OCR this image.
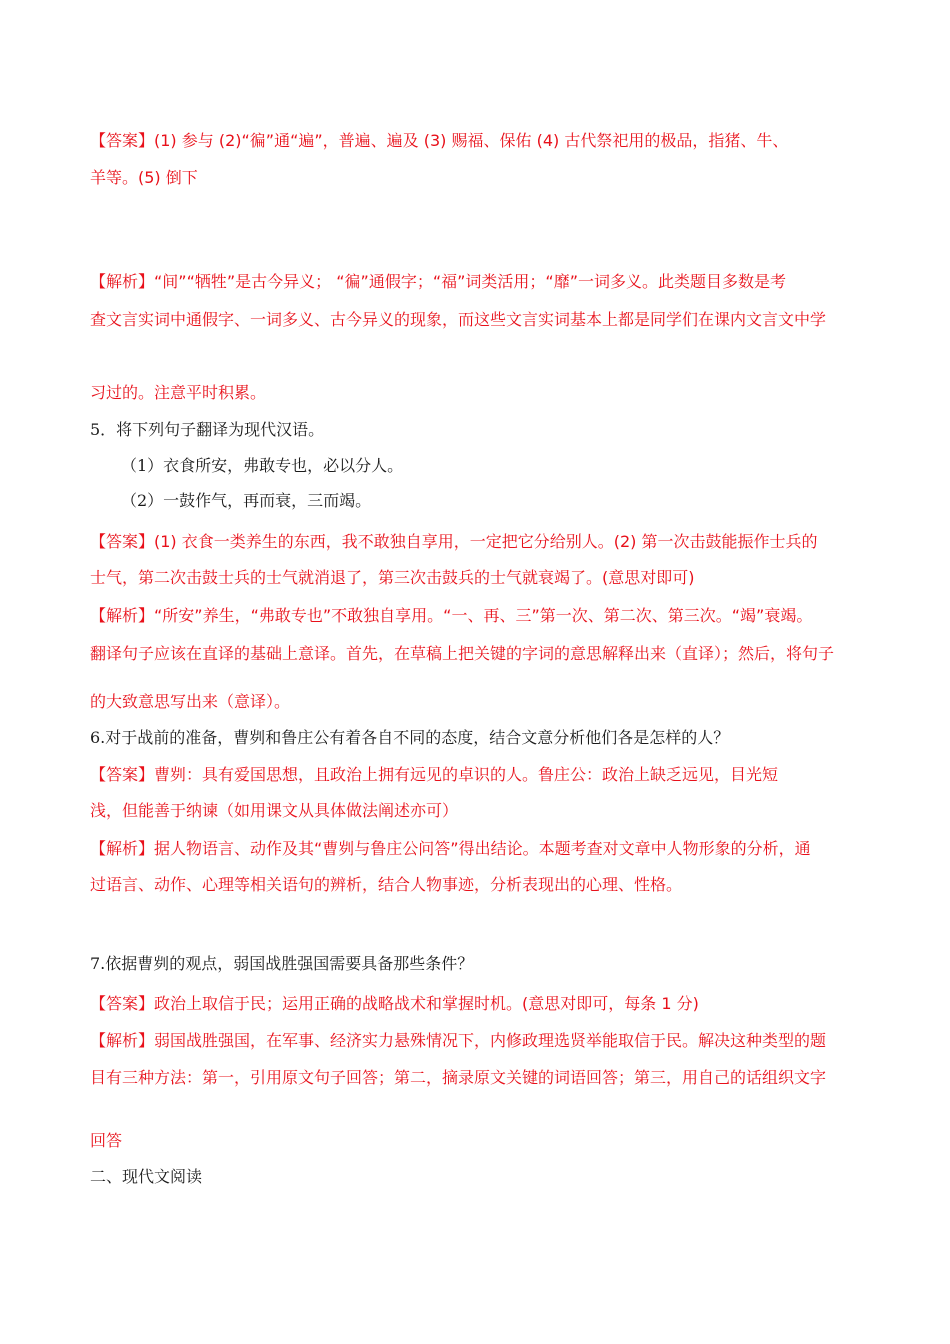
【答案】(1) 参与 (2)“徧”通“遍”，普遍、遍及 (3) 赐福、保佑 (4) 古代祭祀用的极品，指猪、牛、
羊等。(5) 倒下
【解析】“间”“牺牲”是古今异义； “徧”通假字；“福”词类活用；“靡”一词多义。此类题目多数是考
查文言实词中通假字、一词多义、古今异义的现象，而这些文言实词基本上都是同学们在课内文言文中学
习过的。注意平时积累。
5．将下列句子翻译为现代汉语。
（1）衣食所安，弗敢专也，必以分人。
（2）一鼓作气，再而衰，三而竭。
【答案】(1) 衣食一类养生的东西，我不敢独自享用，一定把它分给别人。(2) 第一次击鼓能振作士兵的
士气，第二次击鼓士兵的士气就消退了，第三次击鼓兵的士气就衰竭了。(意思对即可)
【解析】“所安”养生，“弗敢专也”不敢独自享用。“一、再、三”第一次、第二次、第三次。“竭”衰竭。
翻译句子应该在直译的基础上意译。首先，在草稿上把关键的字词的意思解释出来（直译）；然后，将句子
的大致意思写出来（意译）。
6.对于战前的准备，曹刿和鲁庄公有着各自不同的态度，结合文意分析他们各是怎样的人？
【答案】曹刿：具有爱国思想，且政治上拥有远见的卓识的人。鲁庄公：政治上缺乏远见，目光短
浅，但能善于纳谏（如用课文从具体做法阐述亦可）
【解析】据人物语言、动作及其“曹刿与鲁庄公问答”得出结论。本题考查对文章中人物形象的分析，通
过语言、动作、心理等相关语句的辨析，结合人物事迹，分析表现出的心理、性格。
7.依据曹刿的观点，弱国战胜强国需要具备那些条件？
【答案】政治上取信于民；运用正确的战略战术和掌握时机。(意思对即可，每条 1 分)
【解析】弱国战胜强国，在军事、经济实力悬殊情况下，内修政理选贤举能取信于民。解决这种类型的题
目有三种方法：第一，引用原文句子回答；第二，摘录原文关键的词语回答；第三，用自己的话组织文字
回答
二、现代文阅读
